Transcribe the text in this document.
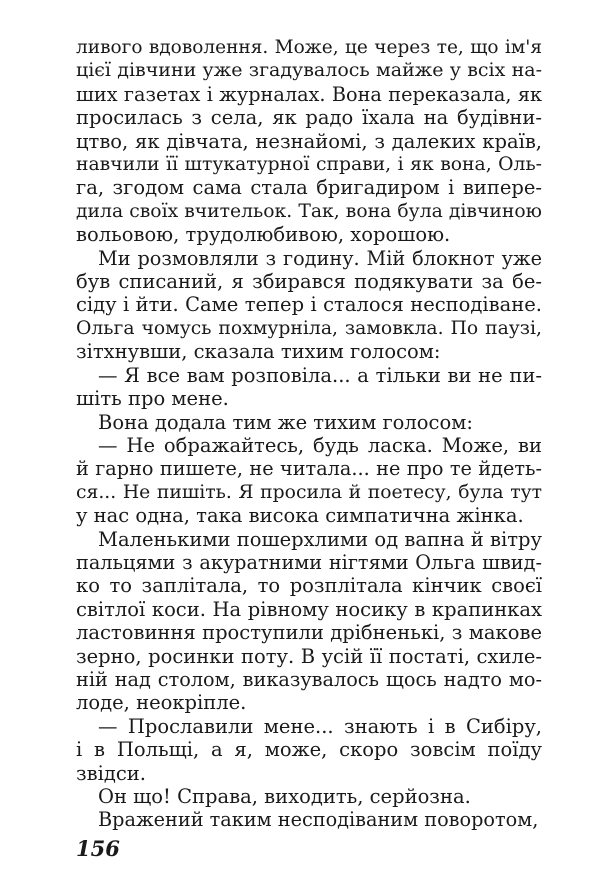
ливого вдоволення. Може, це через те, що ім'я
цієї дівчини уже згадувалось майже у всіх на-
ших газетах і журналах. Вона переказала, як
просилась з села, як радо їхала на будівни-
цтво, як дівчата, незнайомі, з далеких країв,
навчили її штукатурної справи, і як вона, Оль-
га, згодом сама стала бригадиром і випере-
дила своїх вчительок. Так, вона була дівчиною
вольовою, трудолюбивою, хорошою.
Ми розмовляли з годину. Мій блокнот уже
був списаний, я збирався подякувати за бе-
сіду і йти. Саме тепер і сталося несподіване.
Ольга чомусь похмурніла, замовкла. По паузі,
зітхнувши, сказала тихим голосом:
— Я все вам розповіла... а тільки ви не пи-
шіть про мене.
Вона додала тим же тихим голосом:
— Не ображайтесь, будь ласка. Може, ви
й гарно пишете, не читала... не про те йдеть-
ся... Не пишіть. Я просила й поетесу, була тут
у нас одна, така висока симпатична жінка.
Маленькими пошерхлими од вапна й вітру
пальцями з акуратними нігтями Ольга швид-
ко то заплітала, то розплітала кінчик своєї
світлої коси. На рівному носику в крапинках
ластовиння проступили дрібненькі, з макове
зерно, росинки поту. В усій її постаті, схиле-
ній над столом, виказувалось щось надто мо-
лоде, неокріпле.
— Прославили мене... знають і в Сибіру,
і в Польщі, а я, може, скоро зовсім поїду
звідси.
Он що! Справа, виходить, серйозна.
Вражений таким несподіваним поворотом,
156
